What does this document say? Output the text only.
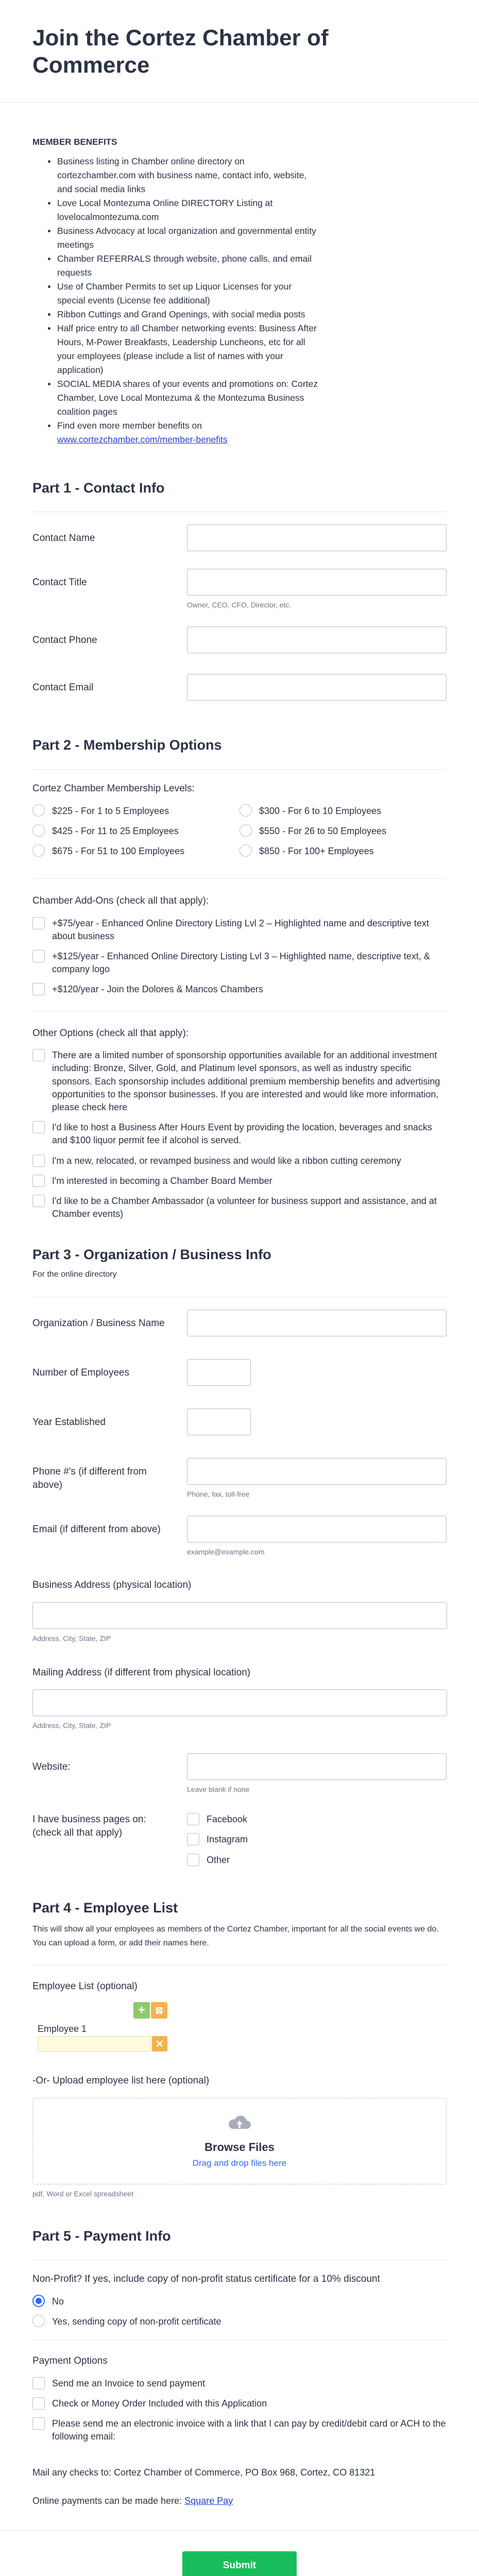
Join the Cortez Chamber of Commerce
MEMBER BENEFITS
Business listing in Chamber online directory on cortezchamber.com with business name, contact info, website, and social media links
Love Local Montezuma Online DIRECTORY Listing at lovelocalmontezuma.com
Business Advocacy at local organization and governmental entity meetings
Chamber REFERRALS through website, phone calls, and email requests
Use of Chamber Permits to set up Liquor Licenses for your special events (License fee additional)
Ribbon Cuttings and Grand Openings, with social media posts
Half price entry to all Chamber networking events: Business After Hours, M-Power Breakfasts, Leadership Luncheons, etc for all your employees (please include a list of names with your application)
SOCIAL MEDIA shares of your events and promotions on: Cortez Chamber, Love Local Montezuma & the Montezuma Business coalition pages
Find even more member benefits on
www.cortezchamber.com/member-benefits
Part 1 - Contact Info
Contact Name
Contact Title
Owner, CEO, CFO, Director, etc.
Contact Phone
Contact Email
Part 2 - Membership Options
Cortez Chamber Membership Levels:
$225 - For 1 to 5 Employees	$300 - For 6 to 10 Employees
$425 - For 11 to 25 Employees	$550 - For 26 to 50 Employees
$675 - For 51 to 100 Employees	$850 - For 100+ Employees
Chamber Add-Ons (check all that apply):
+$75/year - Enhanced Online Directory Listing Lvl 2 – Highlighted name and descriptive text about business
+$125/year - Enhanced Online Directory Listing Lvl 3 – Highlighted name, descriptive text, & company logo
+$120/year - Join the Dolores & Mancos Chambers
Other Options (check all that apply):
There are a limited number of sponsorship opportunities available for an additional investment including: Bronze, Silver, Gold, and Platinum level sponsors, as well as industry specific sponsors. Each sponsorship includes additional premium membership benefits and advertising opportunities to the sponsor businesses. If you are interested and would like more information, please check here
I'd like to host a Business After Hours Event by providing the location, beverages and snacks and $100 liquor permit fee if alcohol is served.
I'm a new, relocated, or revamped business and would like a ribbon cutting ceremony
I'm interested in becoming a Chamber Board Member
I'd like to be a Chamber Ambassador (a volunteer for business support and assistance, and at Chamber events)
Part 3 - Organization / Business Info
For the online directory
Organization / Business Name
Number of Employees
Year Established
Phone #'s (if different from above)
Phone, fax, toll-free
Email (if different from above)
example@example.com
Business Address (physical location)
Address, City, State, ZIP
Mailing Address (if different from physical location)
Address, City, State, ZIP
Website:
Leave blank if none
I have business pages on: (check all that apply)
Facebook
Instagram
Other
Part 4 - Employee List
This will show all your employees as members of the Cortez Chamber, important for all the social events we do. You can upload a form, or add their names here.
Employee List (optional)
+	⊠
Employee 1
✕
-Or- Upload employee list here (optional)
Browse Files
Drag and drop files here
pdf, Word or Excel spreadsheet
Part 5 - Payment Info
Non-Profit? If yes, include copy of non-profit status certificate for a 10% discount
No
Yes, sending copy of non-profit certificate
Payment Options
Send me an Invoice to send payment
Check or Money Order Included with this Application
Please send me an electronic invoice with a link that I can pay by credit/debit card or ACH to the following email:
Mail any checks to: Cortez Chamber of Commerce, PO Box 968, Cortez, CO 81321
Online payments can be made here: Square Pay
Submit
